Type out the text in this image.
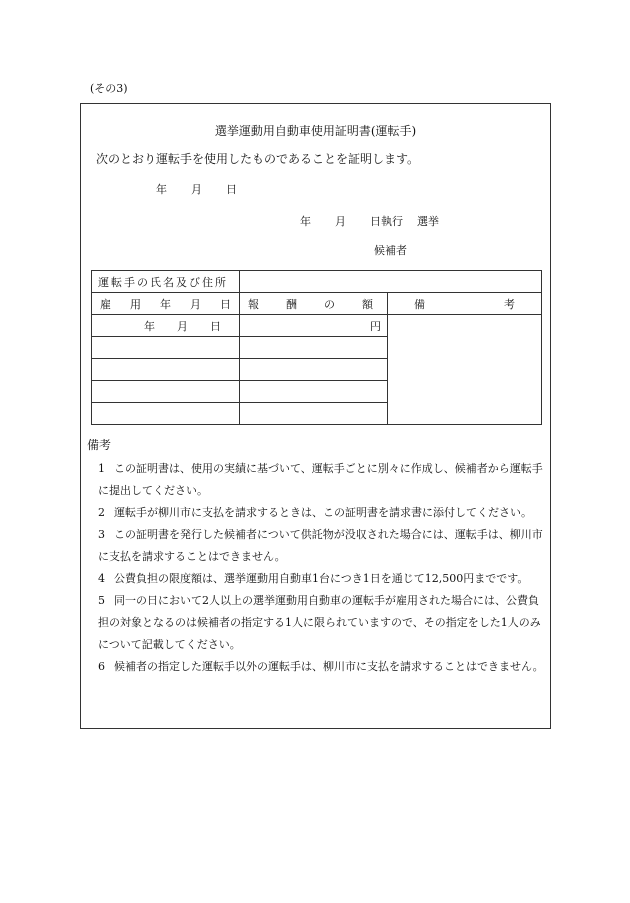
(その3)
選挙運動用自動車使用証明書(運転手)
次のとおり運転手を使用したものであることを証明します。
年 月 日
年 月 日執行 選挙
候補者
運転手の氏名及び住所		

雇 用 年 月 日	報 酬 の 額	備 考

年 月 日	円	

備考
1 この証明書は、使用の実績に基づいて、運転手ごとに別々に作成し、候補者から運転手に提出してください。
2 運転手が柳川市に支払を請求するときは、この証明書を請求書に添付してください。
3 この証明書を発行した候補者について供託物が没収された場合には、運転手は、柳川市に支払を請求することはできません。
4 公費負担の限度額は、選挙運動用自動車1台につき1日を通じて12,500円までです。
5 同一の日において2人以上の選挙運動用自動車の運転手が雇用された場合には、公費負担の対象となるのは候補者の指定する1人に限られていますので、その指定をした1人のみについて記載してください。
6 候補者の指定した運転手以外の運転手は、柳川市に支払を請求することはできません。
